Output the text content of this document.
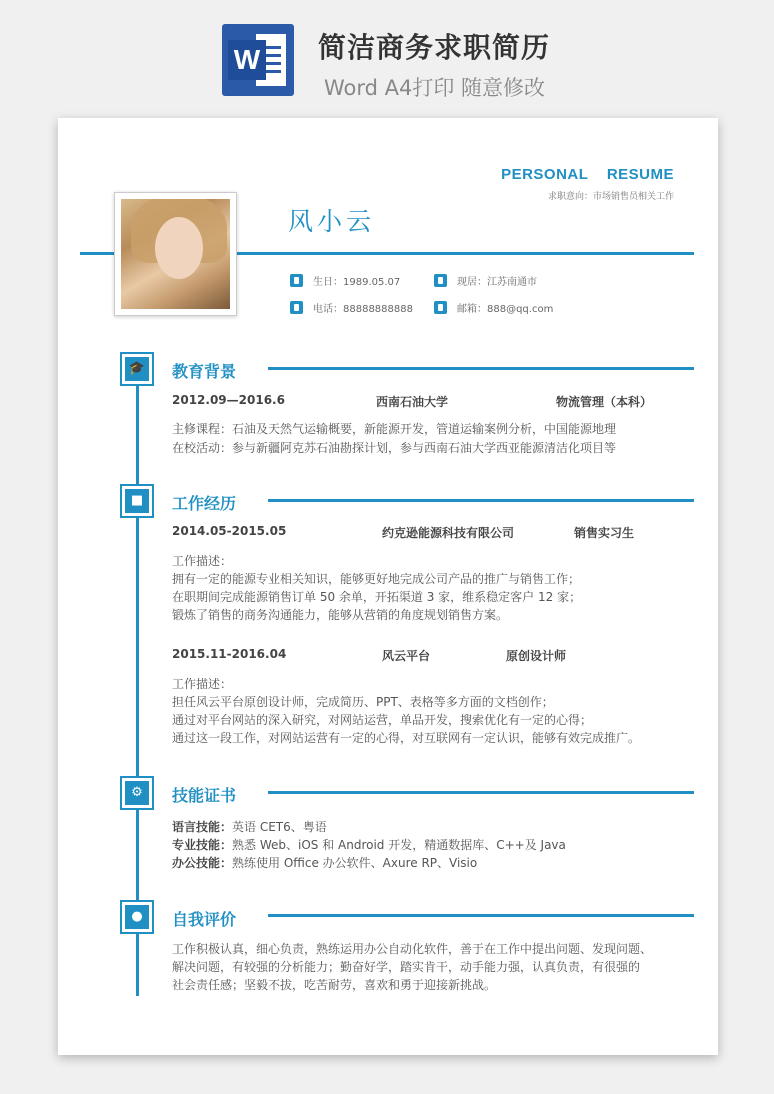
W 简洁商务求职简历
Word A4打印 随意修改
PERSONAL RESUME
求职意向：市场销售员相关工作
风小云
生日：1989.05.07	现居：江苏南通市
电话：88888888888	邮箱：888@qq.com
🎓 教育背景
2012.09—2016.6	西南石油大学	物流管理（本科）
主修课程：石油及天然气运输概要，新能源开发，管道运输案例分析，中国能源地理
在校活动：参与新疆阿克苏石油勘探计划，参与西南石油大学西亚能源清洁化项目等
■	工作经历
2014.05-2015.05	约克逊能源科技有限公司	销售实习生
工作描述：
拥有一定的能源专业相关知识，能够更好地完成公司产品的推广与销售工作；
在职期间完成能源销售订单 50 余单，开拓渠道 3 家，维系稳定客户 12 家；
锻炼了销售的商务沟通能力，能够从营销的角度规划销售方案。
2015.11-2016.04	风云平台	原创设计师
工作描述：
担任风云平台原创设计师，完成简历、PPT、表格等多方面的文档创作；
通过对平台网站的深入研究，对网站运营，单品开发，搜索优化有一定的心得；
通过这一段工作，对网站运营有一定的心得，对互联网有一定认识，能够有效完成推广。
⚙	技能证书
语言技能：英语 CET6、粤语
专业技能：熟悉 Web、iOS 和 Android 开发，精通数据库、C++及 Java
办公技能：熟练使用 Office 办公软件、Axure RP、Visio
●	自我评价
工作积极认真，细心负责，熟练运用办公自动化软件，善于在工作中提出问题、发现问题、
解决问题，有较强的分析能力；勤奋好学，踏实肯干，动手能力强，认真负责，有很强的
社会责任感；坚毅不拔，吃苦耐劳，喜欢和勇于迎接新挑战。
